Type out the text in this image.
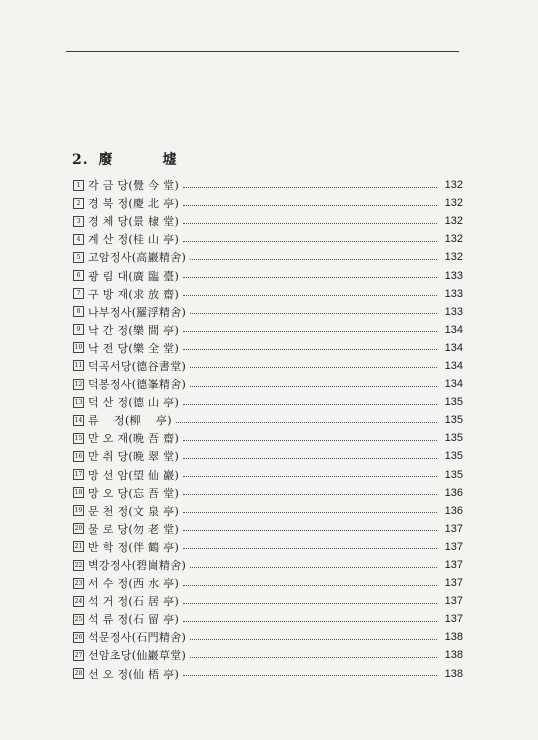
2. 廢　墟
1 각 금 당(覺 今 堂)	132
2 경 북 정(慶 北 亭)	132
3 경 체 당(景 棣 堂)	132
4 계 산 정(桂 山 亭)	132
5 고암정사(高巖精舍)	132
6 광 림 대(廣 臨 臺)	133
7 구 방 재(求 放 齋)	133
8 나부정사(羅浮精舍)	133
9 낙 간 정(樂 間 亭)	134
10 낙 전 당(樂 全 堂)	134
11 덕곡서당(德谷書堂)	134
12 덕봉정사(德峯精舍)	134
13 덕 산 정(德 山 亭)	135
14 류　 정(柳　 亭)	135
15 만 오 재(晩 吾 齋)	135
16 만 취 당(晩 翠 堂)	135
17 망 선 암(望 仙 巖)	135
18 망 오 당(忘 吾 堂)	136
19 문 천 정(文 泉 亭)	136
20 물 로 당(勿 老 堂)	137
21 반 학 정(伴 鶴 亭)	137
22 벽강정사(碧崗精舍)	137
23 서 수 정(西 水 亭)	137
24 석 거 정(石 居 亭)	137
25 석 류 정(石 留 亭)	137
26 석문정사(石門精舍)	138
27 선암초당(仙巖草堂)	138
28 선 오 정(仙 梧 亭)	138
